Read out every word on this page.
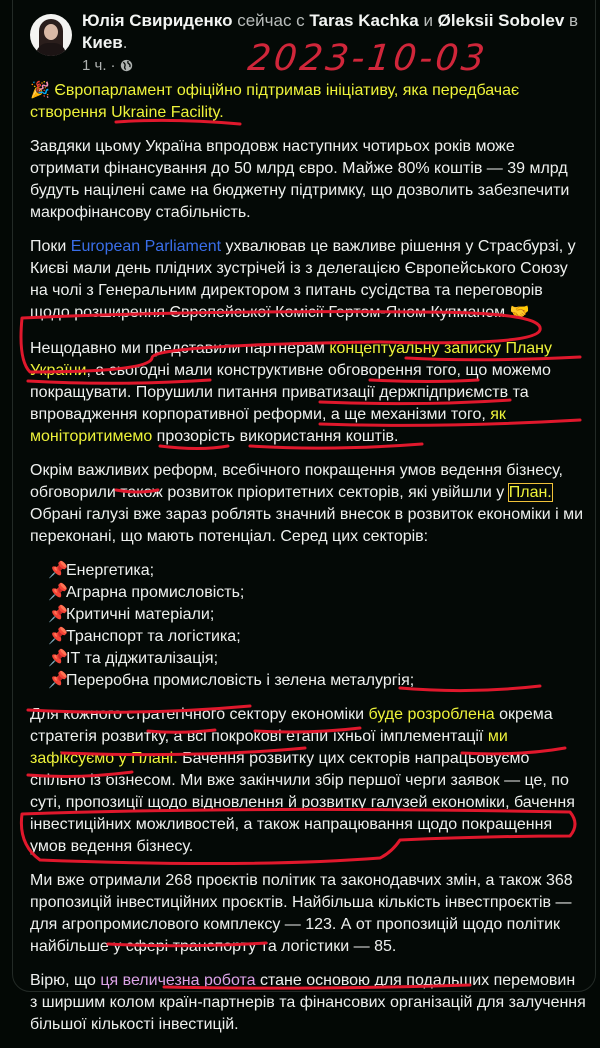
Юлія Свириденко сейчас с Taras Kachka и Øleksii Sobolev в Киев.
1 ч. ·	2023-10-03

🎉 Європарламент офіційно підтримав ініціативу, яка передбачає створення Ukraine Facility.

Завдяки цьому Україна впродовж наступних чотирьох років може отримати фінансування до 50 млрд євро. Майже 80% коштів — 39 млрд будуть націлені саме на бюджетну підтримку, що дозволить забезпечити макрофінансову стабільність.

Поки European Parliament ухвалював це важливе рішення у Страсбурзі, у Києві мали день плідних зустрічей із з делегацією Європейського Союзу на чолі з Генеральним директором з питань сусідства та переговорів щодо розширення Європейської Комісії Гертом-Яном Купманом 🤝

Нещодавно ми представили партнерам концептуальну записку Плану України, а сьогодні мали конструктивне обговорення того, що можемо покращувати. Порушили питання приватизації держпідприємств та впровадження корпоративної реформи, а ще механізми того, як моніторитимемо прозорість використання коштів.

Окрім важливих реформ, всебічного покращення умов ведення бізнесу, обговорили також розвиток пріоритетних секторів, які увійшли у План. Обрані галузі вже зараз роблять значний внесок в розвиток економіки і ми переконані, що мають потенціал. Серед цих секторів:

📌Енергетика;
📌Аграрна промисловість;
📌Критичні матеріали;
📌Транспорт та логістика;
📌ІТ та діджиталізація;
📌Переробна промисловість і зелена металургія;

Для кожного стратегічного сектору економіки буде розроблена окрема стратегія розвитку, а всі покрокові етапи їхньої імплементації ми зафіксуємо у Плані. Бачення розвитку цих секторів напрацьовуємо спільно із бізнесом. Ми вже закінчили збір першої черги заявок — це, по суті, пропозиції щодо відновлення й розвитку галузей економіки, бачення інвестиційних можливостей, а також напрацювання щодо покращення умов ведення бізнесу.

Ми вже отримали 268 проєктів політик та законодавчих змін, а також 368 пропозицій інвестиційних проєктів. Найбільша кількість інвестпроєктів — для агропромислового комплексу — 123. А от пропозицій щодо політик найбільше у сфері транспорту та логістики — 85.

Вірю, що ця величезна робота стане основою для подальших перемовин з ширшим колом країн-партнерів та фінансових організацій для залучення більшої кількості інвестицій.
